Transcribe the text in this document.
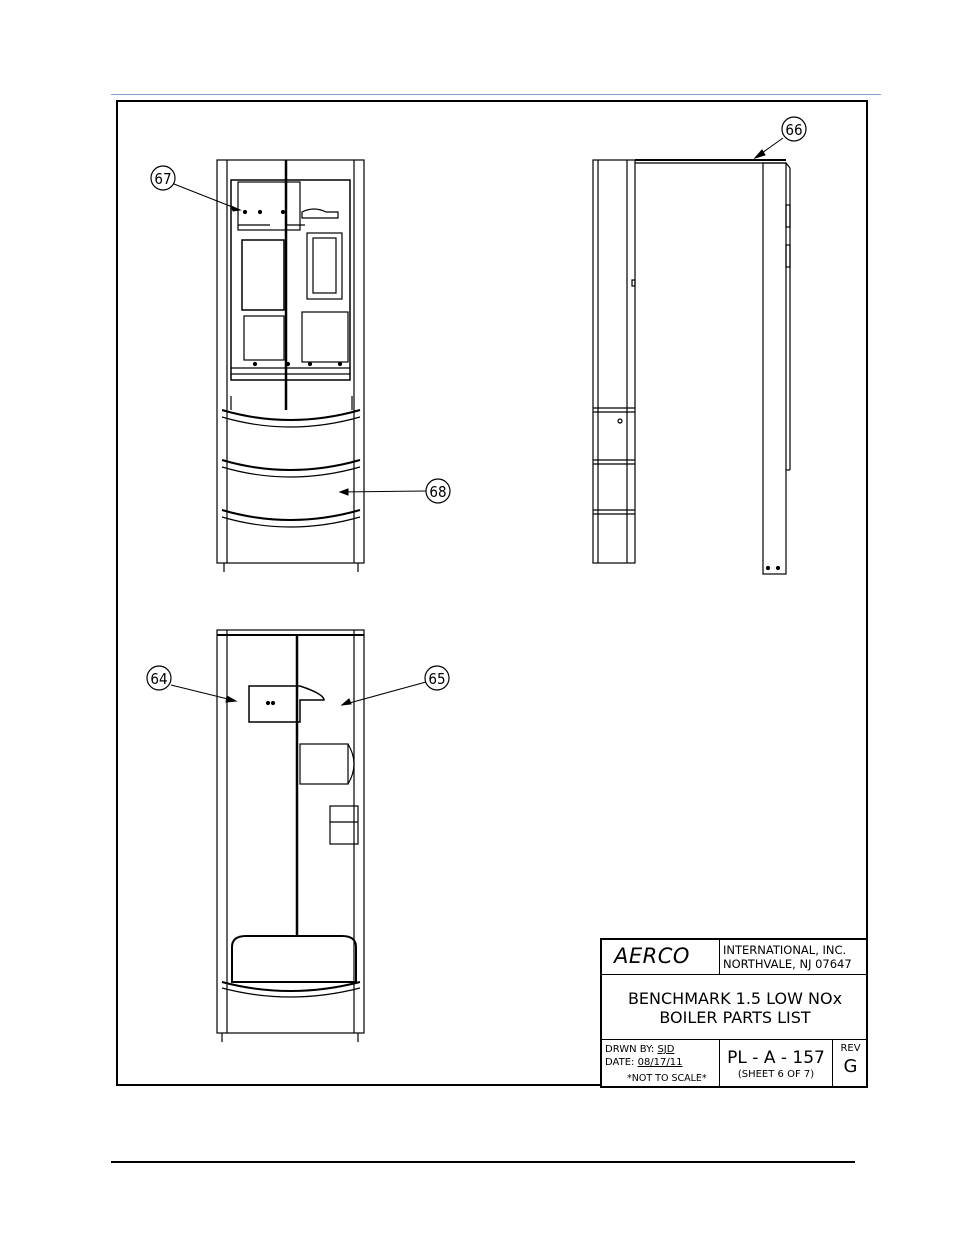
66
67
68
64	65
AERCO	INTERNATIONAL, INC.
NORTHVALE, NJ 07647
BENCHMARK 1.5 LOW NOx
BOILER PARTS LIST
DRWN BY: SJD
DATE: 08/17/11
*NOT TO SCALE*
PL - A - 157
(SHEET 6 OF 7)
REV
G
